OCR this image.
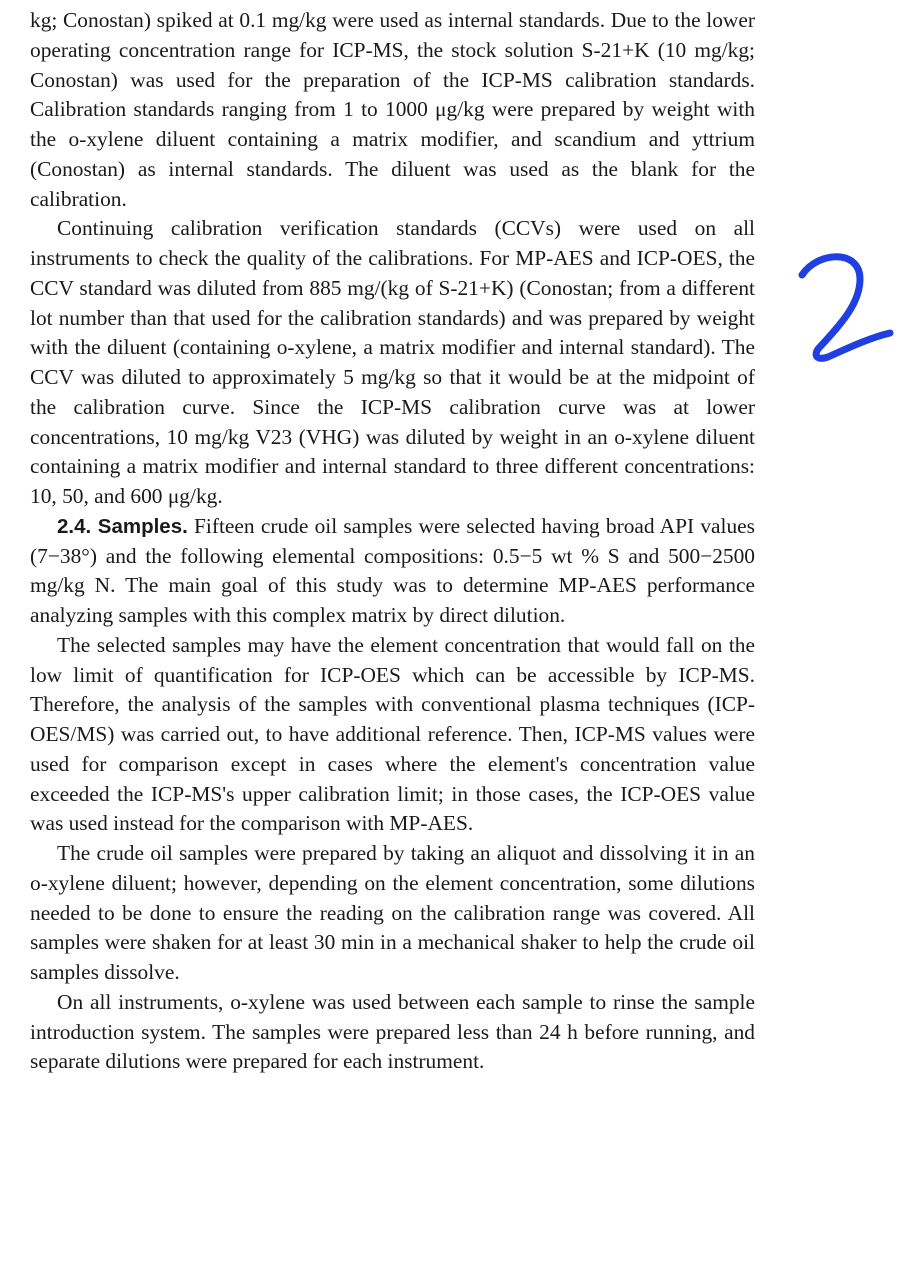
kg; Conostan) spiked at 0.1 mg/kg were used as internal standards. Due to the lower operating concentration range for ICP-MS, the stock solution S-21+K (10 mg/kg; Conostan) was used for the preparation of the ICP-MS calibration standards. Calibration standards ranging from 1 to 1000 μg/kg were prepared by weight with the o-xylene diluent containing a matrix modifier, and scandium and yttrium (Conostan) as internal standards. The diluent was used as the blank for the calibration.

Continuing calibration verification standards (CCVs) were used on all instruments to check the quality of the calibrations. For MP-AES and ICP-OES, the CCV standard was diluted from 885 mg/(kg of S-21+K) (Conostan; from a different lot number than that used for the calibration standards) and was prepared by weight with the diluent (containing o-xylene, a matrix modifier and internal standard). The CCV was diluted to approximately 5 mg/kg so that it would be at the midpoint of the calibration curve. Since the ICP-MS calibration curve was at lower concentrations, 10 mg/kg V23 (VHG) was diluted by weight in an o-xylene diluent containing a matrix modifier and internal standard to three different concentrations: 10, 50, and 600 μg/kg.

2.4. Samples. Fifteen crude oil samples were selected having broad API values (7−38°) and the following elemental compositions: 0.5−5 wt % S and 500−2500 mg/kg N. The main goal of this study was to determine MP-AES performance analyzing samples with this complex matrix by direct dilution.

The selected samples may have the element concentration that would fall on the low limit of quantification for ICP-OES which can be accessible by ICP-MS. Therefore, the analysis of the samples with conventional plasma techniques (ICP-OES/MS) was carried out, to have additional reference. Then, ICP-MS values were used for comparison except in cases where the element's concentration value exceeded the ICP-MS's upper calibration limit; in those cases, the ICP-OES value was used instead for the comparison with MP-AES.

The crude oil samples were prepared by taking an aliquot and dissolving it in an o-xylene diluent; however, depending on the element concentration, some dilutions needed to be done to ensure the reading on the calibration range was covered. All samples were shaken for at least 30 min in a mechanical shaker to help the crude oil samples dissolve.

On all instruments, o-xylene was used between each sample to rinse the sample introduction system. The samples were prepared less than 24 h before running, and separate dilutions were prepared for each instrument.
